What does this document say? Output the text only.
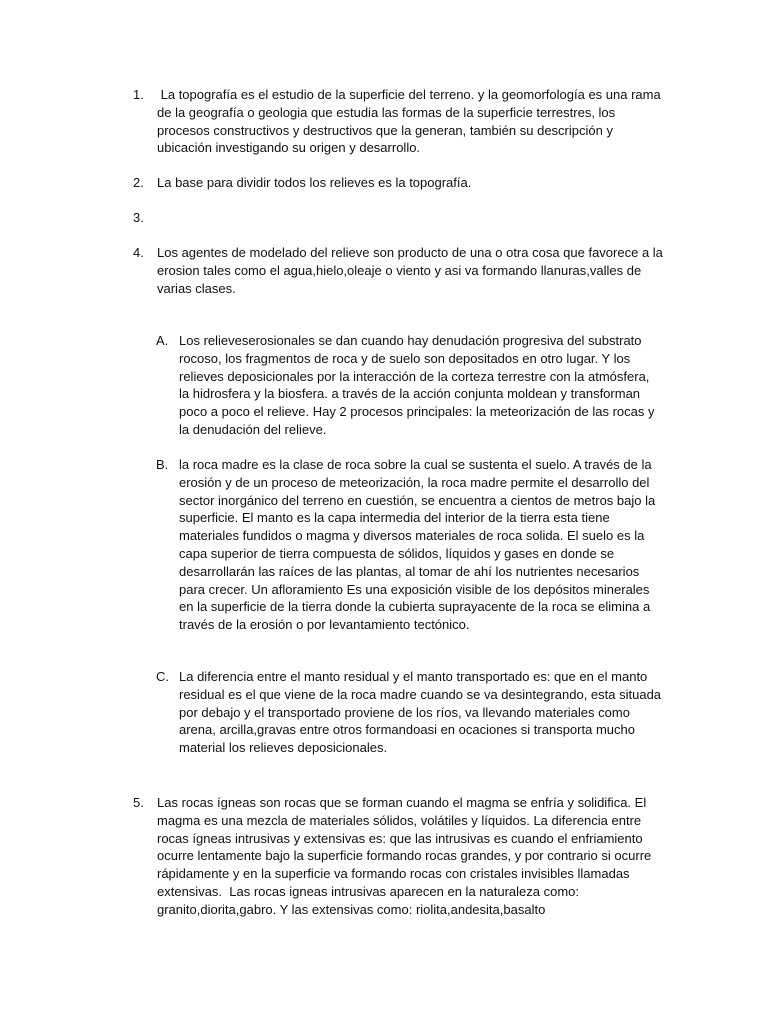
1. La topografía es el estudio de la superficie del terreno. y la geomorfología es una rama
de la geografía o geologia que estudia las formas de la superficie terrestres, los
procesos constructivos y destructivos que la generan, también su descripción y
ubicación investigando su origen y desarrollo.
2. La base para dividir todos los relieves es la topografía.
3.
4. Los agentes de modelado del relieve son producto de una o otra cosa que favorece a la
erosion tales como el agua,hielo,oleaje o viento y asi va formando llanuras,valles de
varias clases.
A. Los relieveserosionales se dan cuando hay denudación progresiva del substrato
rocoso, los fragmentos de roca y de suelo son depositados en otro lugar. Y los
relieves deposicionales por la interacción de la corteza terrestre con la atmósfera,
la hidrosfera y la biosfera. a través de la acción conjunta moldean y transforman
poco a poco el relieve. Hay 2 procesos principales: la meteorización de las rocas y
la denudación del relieve.
B. la roca madre es la clase de roca sobre la cual se sustenta el suelo. A través de la
erosión y de un proceso de meteorización, la roca madre permite el desarrollo del
sector inorgánico del terreno en cuestión, se encuentra a cientos de metros bajo la
superficie. El manto es la capa intermedia del interior de la tierra esta tiene
materiales fundidos o magma y diversos materiales de roca solida. El suelo es la
capa superior de tierra compuesta de sólidos, líquidos y gases en donde se
desarrollarán las raíces de las plantas, al tomar de ahí los nutrientes necesarios
para crecer. Un afloramiento Es una exposición visible de los depósitos minerales
en la superficie de la tierra donde la cubierta suprayacente de la roca se elimina a
través de la erosión o por levantamiento tectónico.
C. La diferencia entre el manto residual y el manto transportado es: que en el manto
residual es el que viene de la roca madre cuando se va desintegrando, esta situada
por debajo y el transportado proviene de los ríos, va llevando materiales como
arena, arcilla,gravas entre otros formandoasi en ocaciones si transporta mucho
material los relieves deposicionales.
5. Las rocas ígneas son rocas que se forman cuando el magma se enfría y solidifica. El
magma es una mezcla de materiales sólidos, volátiles y líquidos. La diferencia entre
rocas ígneas intrusivas y extensivas es: que las intrusivas es cuando el enfriamiento
ocurre lentamente bajo la superficie formando rocas grandes, y por contrario si ocurre
rápidamente y en la superficie va formando rocas con cristales invisibles llamadas
extensivas.  Las rocas igneas intrusivas aparecen en la naturaleza como:
granito,diorita,gabro. Y las extensivas como: riolita,andesita,basalto
